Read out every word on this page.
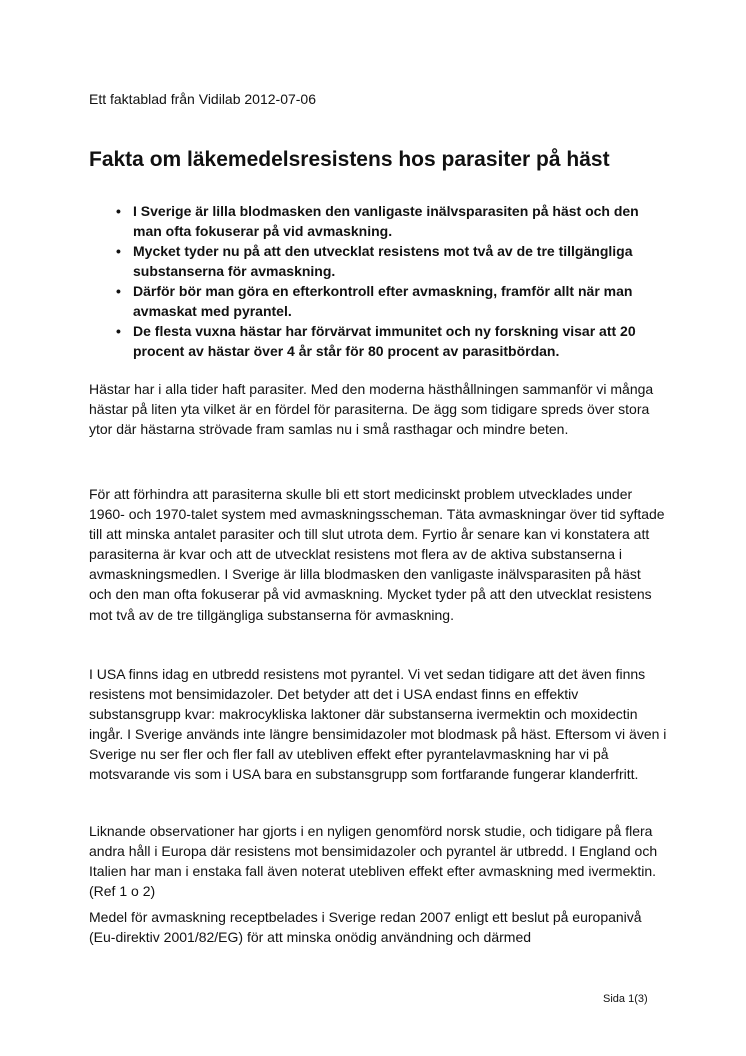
Ett faktablad från Vidilab 2012-07-06

Fakta om läkemedelsresistens hos parasiter på häst
• I Sverige är lilla blodmasken den vanligaste inälvsparasiten på häst och den man ofta fokuserar på vid avmaskning.
• Mycket tyder nu på att den utvecklat resistens mot två av de tre tillgängliga substanserna för avmaskning.
• Därför bör man göra en efterkontroll efter avmaskning, framför allt när man avmaskat med pyrantel.
• De flesta vuxna hästar har förvärvat immunitet och ny forskning visar att 20 procent av hästar över 4 år står för 80 procent av parasitbördan.

Hästar har i alla tider haft parasiter. Med den moderna hästhållningen sammanför vi många hästar på liten yta vilket är en fördel för parasiterna. De ägg som tidigare spreds över stora ytor där hästarna strövade fram samlas nu i små rasthagar och mindre beten.

För att förhindra att parasiterna skulle bli ett stort medicinskt problem utvecklades under 1960- och 1970-talet system med avmaskningsscheman. Täta avmaskningar över tid syftade till att minska antalet parasiter och till slut utrota dem. Fyrtio år senare kan vi konstatera att parasiterna är kvar och att de utvecklat resistens mot flera av de aktiva substanserna i avmaskningsmedlen. I Sverige är lilla blodmasken den vanligaste inälvsparasiten på häst och den man ofta fokuserar på vid avmaskning. Mycket tyder på att den utvecklat resistens mot två av de tre tillgängliga substanserna för avmaskning.

I USA finns idag en utbredd resistens mot pyrantel. Vi vet sedan tidigare att det även finns resistens mot bensimidazoler. Det betyder att det i USA endast finns en effektiv substansgrupp kvar: makrocykliska laktoner där substanserna ivermektin och moxidectin ingår. I Sverige används inte längre bensimidazoler mot blodmask på häst. Eftersom vi även i Sverige nu ser fler och fler fall av utebliven effekt efter pyrantelavmaskning har vi på motsvarande vis som i USA bara en substansgrupp som fortfarande fungerar klanderfritt.

Liknande observationer har gjorts i en nyligen genomförd norsk studie, och tidigare på flera andra håll i Europa där resistens mot bensimidazoler och pyrantel är utbredd. I England och Italien har man i enstaka fall även noterat utebliven effekt efter avmaskning med ivermektin. (Ref 1 o 2)

Medel för avmaskning receptbelades i Sverige redan 2007 enligt ett beslut på europanivå (Eu-direktiv 2001/82/EG) för att minska onödig användning och därmed

Sida 1(3)
